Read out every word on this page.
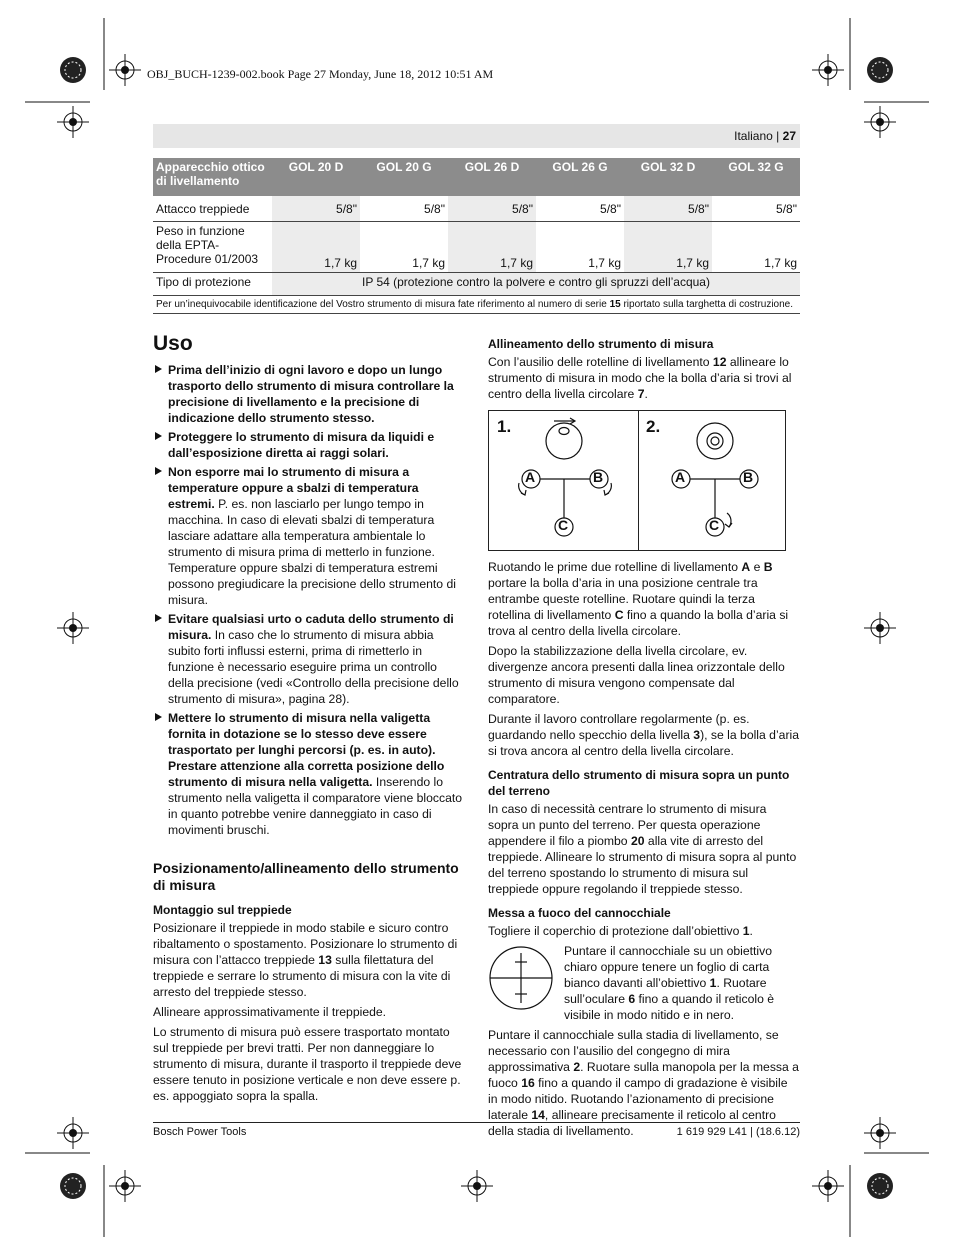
OBJ_BUCH-1239-002.book Page 27 Monday, June 18, 2012 10:51 AM
Italiano | 27
Apparecchio ottico di livellamento	GOL 20 D	GOL 20 G	GOL 26 D	GOL 26 G	GOL 32 D	GOL 32 G
Attacco treppiede	5/8"	5/8"	5/8"	5/8"	5/8"	5/8"
Peso in funzione della EPTA-Procedure 01/2003	1,7 kg	1,7 kg	1,7 kg	1,7 kg	1,7 kg	1,7 kg
Tipo di protezione	IP 54 (protezione contro la polvere e contro gli spruzzi dell’acqua)					
Per un’inequivocabile identificazione del Vostro strumento di misura fate riferimento al numero di serie 15 riportato sulla targhetta di costruzione.						
Uso
Prima dell’inizio di ogni lavoro e dopo un lungo trasporto dello strumento di misura controllare la precisione di livellamento e la precisione di indicazione dello strumento stesso.
Proteggere lo strumento di misura da liquidi e dall’esposizione diretta ai raggi solari.
Non esporre mai lo strumento di misura a temperature oppure a sbalzi di temperatura estremi. P. es. non lasciarlo per lungo tempo in macchina. In caso di elevati sbalzi di temperatura lasciare adattare alla temperatura ambientale lo strumento di misura prima di metterlo in funzione. Temperature oppure sbalzi di temperatura estremi possono pregiudicare la precisione dello strumento di misura.
Evitare qualsiasi urto o caduta dello strumento di misura. In caso che lo strumento di misura abbia subito forti influssi esterni, prima di rimetterlo in funzione è necessario eseguire prima un controllo della precisione (vedi «Controllo della precisione dello strumento di misura», pagina 28).
Mettere lo strumento di misura nella valigetta fornita in dotazione se lo stesso deve essere trasportato per lunghi percorsi (p. es. in auto). Prestare attenzione alla corretta posizione dello strumento di misura nella valigetta. Inserendo lo strumento nella valigetta il comparatore viene bloccato in quanto potrebbe venire danneggiato in caso di movimenti bruschi.
Posizionamento/allineamento dello strumento di misura
Montaggio sul treppiede

Posizionare il treppiede in modo stabile e sicuro contro ribaltamento o spostamento. Posizionare lo strumento di misura con l’attacco treppiede 13 sulla filettatura del treppiede e serrare lo strumento di misura con la vite di arresto del treppiede stesso.

Allineare approssimativamente il treppiede.

Lo strumento di misura può essere trasportato montato sul treppiede per brevi tratti. Per non danneggiare lo strumento di misura, durante il trasporto il treppiede deve essere tenuto in posizione verticale e non deve essere p. es. appoggiato sopra la spalla.

Allineamento dello strumento di misura

Con l’ausilio delle rotelline di livellamento 12 allineare lo strumento di misura in modo che la bolla d’aria si trovi al centro della livella circolare 7.

1.	2.
A	B
C
A	B
C

Ruotando le prime due rotelline di livellamento A e B portare la bolla d’aria in una posizione centrale tra entrambe queste rotelline. Ruotare quindi la terza rotellina di livellamento C fino a quando la bolla d’aria si trova al centro della livella circolare.

Dopo la stabilizzazione della livella circolare, ev. divergenze ancora presenti dalla linea orizzontale dello strumento di misura vengono compensate dal comparatore.

Durante il lavoro controllare regolarmente (p. es. guardando nello specchio della livella 3), se la bolla d’aria si trova ancora al centro della livella circolare.

Centratura dello strumento di misura sopra un punto del terreno

In caso di necessità centrare lo strumento di misura sopra un punto del terreno. Per questa operazione appendere il filo a piombo 20 alla vite di arresto del treppiede. Allineare lo strumento di misura sopra al punto del terreno spostando lo strumento di misura sul treppiede oppure regolando il treppiede stesso.

Messa a fuoco del cannocchiale

Togliere il coperchio di protezione dall’obiettivo 1.

Puntare il cannocchiale su un obiettivo chiaro oppure tenere un foglio di carta bianco davanti all’obiettivo 1. Ruotare sull’oculare 6 fino a quando il reticolo è visibile in modo nitido e in nero.

Puntare il cannocchiale sulla stadia di livellamento, se necessario con l’ausilio del congegno di mira approssimativa 2. Ruotare sulla manopola per la messa a fuoco 16 fino a quando il campo di gradazione è visibile in modo nitido. Ruotando l’azionamento di precisione laterale 14, allineare precisamente il reticolo al centro della stadia di livellamento.

Bosch Power Tools	1 619 929 L41 | (18.6.12)
